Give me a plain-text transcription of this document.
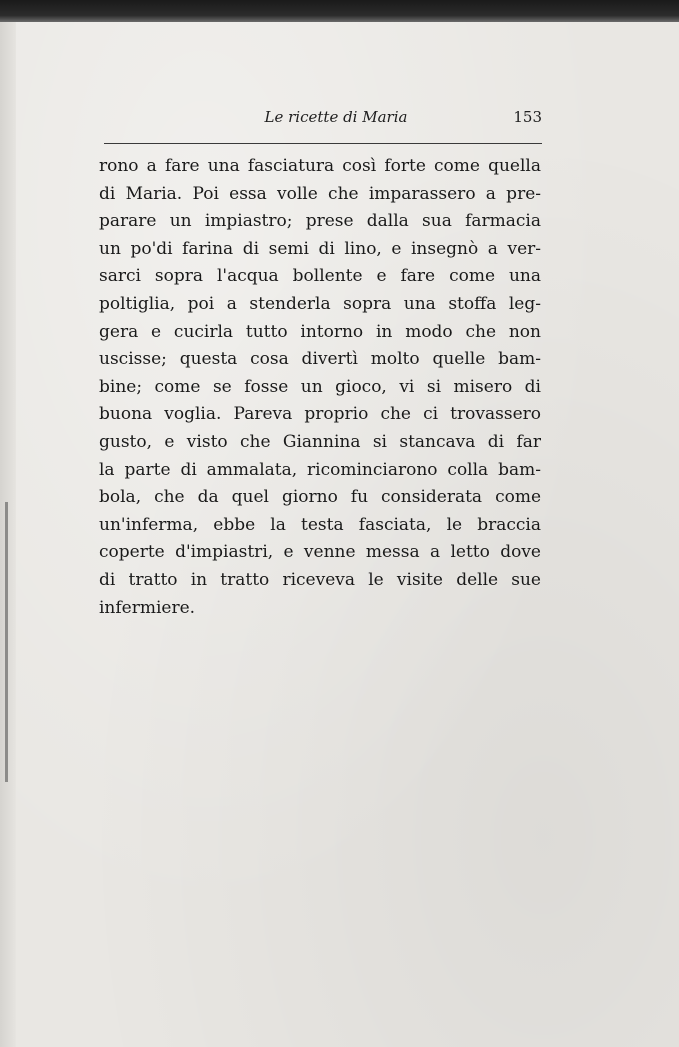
Le ricette di Maria	153
rono a fare una fasciatura così forte come quella
di Maria. Poi essa volle che imparassero a pre-
parare un impiastro; prese dalla sua farmacia
un po'di farina di semi di lino, e insegnò a ver-
sarci sopra l'acqua bollente e fare come una
poltiglia, poi a stenderla sopra una stoffa leg-
gera e cucirla tutto intorno in modo che non
uscisse; questa cosa divertì molto quelle bam-
bine; come se fosse un gioco, vi si misero di
buona voglia. Pareva proprio che ci trovassero
gusto, e visto che Giannina si stancava di far
la parte di ammalata, ricominciarono colla bam-
bola, che da quel giorno fu considerata come
un'inferma, ebbe la testa fasciata, le braccia
coperte d'impiastri, e venne messa a letto dove
di tratto in tratto riceveva le visite delle sue
infermiere.
